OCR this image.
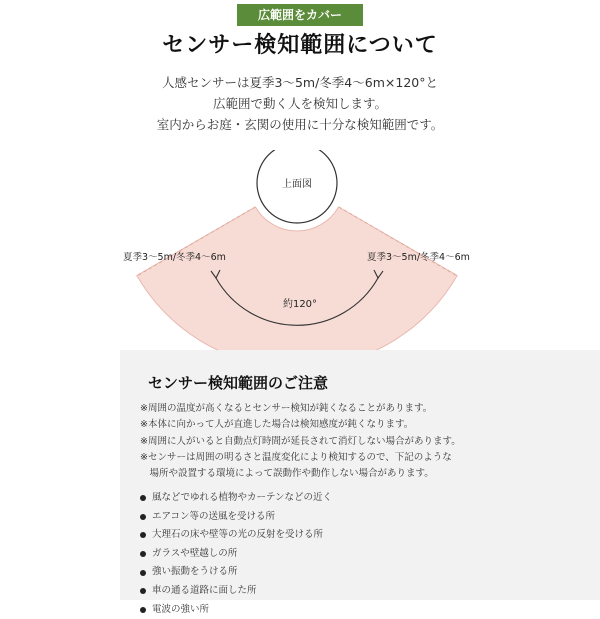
広範囲をカバー
センサー検知範囲について
人感センサーは夏季3～5m/冬季4～6m×120°と
広範囲で動く人を検知します。
室内からお庭・玄関の使用に十分な検知範囲です。
上面図
約120°
夏季3～5m/冬季4～6m	夏季3～5m/冬季4～6m
センサー検知範囲のご注意
※周囲の温度が高くなるとセンサー検知が鈍くなることがあります。
※本体に向かって人が直進した場合は検知感度が鈍くなります。
※周囲に人がいると自動点灯時間が延長されて消灯しない場合があります。
※センサーは周囲の明るさと温度変化により検知するので、下記のような
　場所や設置する環境によって誤動作や動作しない場合があります。
風などでゆれる植物やカーテンなどの近く
エアコン等の送風を受ける所
大理石の床や壁等の光の反射を受ける所
ガラスや壁越しの所
強い振動をうける所
車の通る道路に面した所
電波の強い所
